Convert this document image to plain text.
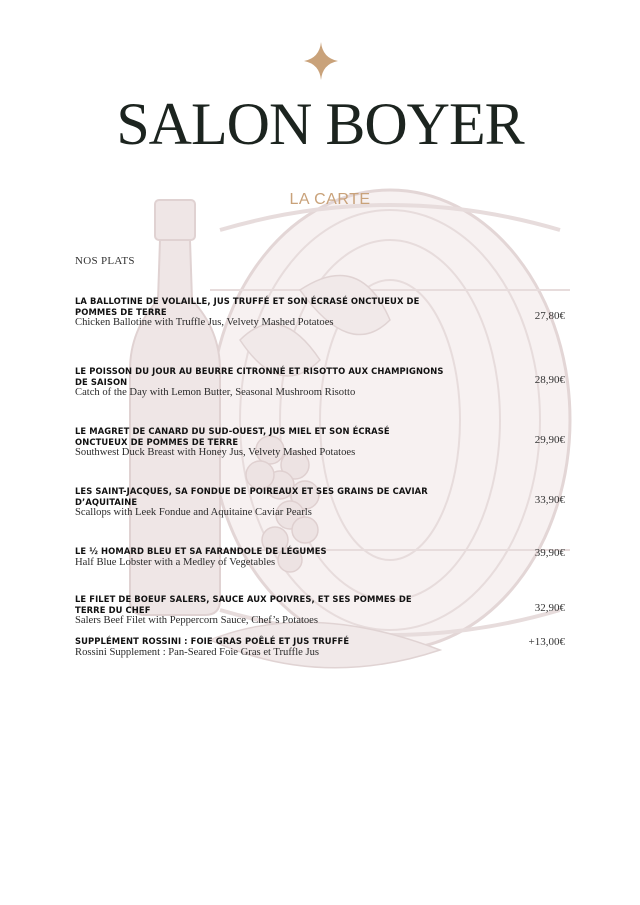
SALON BOYER
LA CARTE
NOS PLATS
LA BALLOTINE DE VOLAILLE, JUS TRUFFÉ ET SON ÉCRASÉ ONCTUEUX DE POMMES DE TERRE
Chicken Ballotine with Truffle Jus, Velvety Mashed Potatoes
27,80€
LE POISSON DU JOUR AU BEURRE CITRONNÉ ET RISOTTO AUX CHAMPIGNONS DE SAISON
Catch of the Day with Lemon Butter, Seasonal Mushroom Risotto
28,90€
LE MAGRET DE CANARD DU SUD-OUEST, JUS MIEL ET SON ÉCRASÉ ONCTUEUX DE POMMES DE TERRE
Southwest Duck Breast with Honey Jus, Velvety Mashed Potatoes
29,90€
LES SAINT-JACQUES, SA FONDUE DE POIREAUX ET SES GRAINS DE CAVIAR D’AQUITAINE
Scallops with Leek Fondue and Aquitaine Caviar Pearls
33,90€
LE ½ HOMARD BLEU ET SA FARANDOLE DE LÉGUMES
Half Blue Lobster with a Medley of Vegetables
39,90€
LE FILET DE BOEUF SALERS, SAUCE AUX POIVRES, ET SES POMMES DE TERRE DU CHEF
Salers Beef Filet with Peppercorn Sauce, Chef’s Potatoes
32,90€
SUPPLÉMENT ROSSINI : FOIE GRAS POÊLÉ ET JUS TRUFFÉ
Rossini Supplement : Pan-Seared Foie Gras et Truffle Jus
+13,00€
